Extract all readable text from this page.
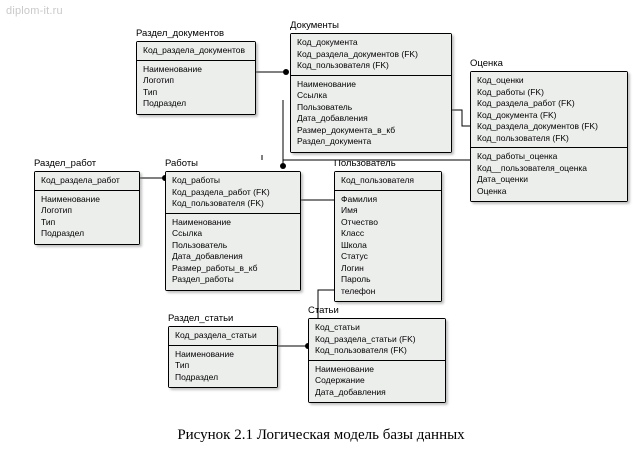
diplom-it.ru
Раздел_документов
Код_раздела_документов
Наименование
Логотип
Тип
Подраздел
Документы
Код_документа
Код_раздела_документов (FK)
Код_пользователя (FK)
Наименование
Ссылка
Пользователь
Дата_добавления
Размер_документа_в_кб
Раздел_документа
Оценка
Код_оценки
Код_работы (FK)
Код_раздела_работ (FK)
Код_документа (FK)
Код_раздела_документов (FK)
Код_пользователя (FK)
Код_работы_оценка
Код__пользователя_оценка
Дата_оценки
Оценка
Раздел_работ
Код_раздела_работ
Наименование
Логотип
Тип
Подраздел
Работы
Код_работы
Код_раздела_работ (FK)
Код_пользователя (FK)
Наименование
Ссылка
Пользователь
Дата_добавления
Размер_работы_в_кб
Раздел_работы
Пользователь
Код_пользователя
Фамилия
Имя
Отчество
Класс
Школа
Статус
Логин
Пароль
телефон
Раздел_статьи
Код_раздела_статьи
Наименование
Тип
Подраздел
Статьи
Код_статьи
Код_раздела_статьи (FK)
Код_пользователя (FK)
Наименование
Содержание
Дата_добавления
Рисунок 2.1 Логическая модель базы данных
